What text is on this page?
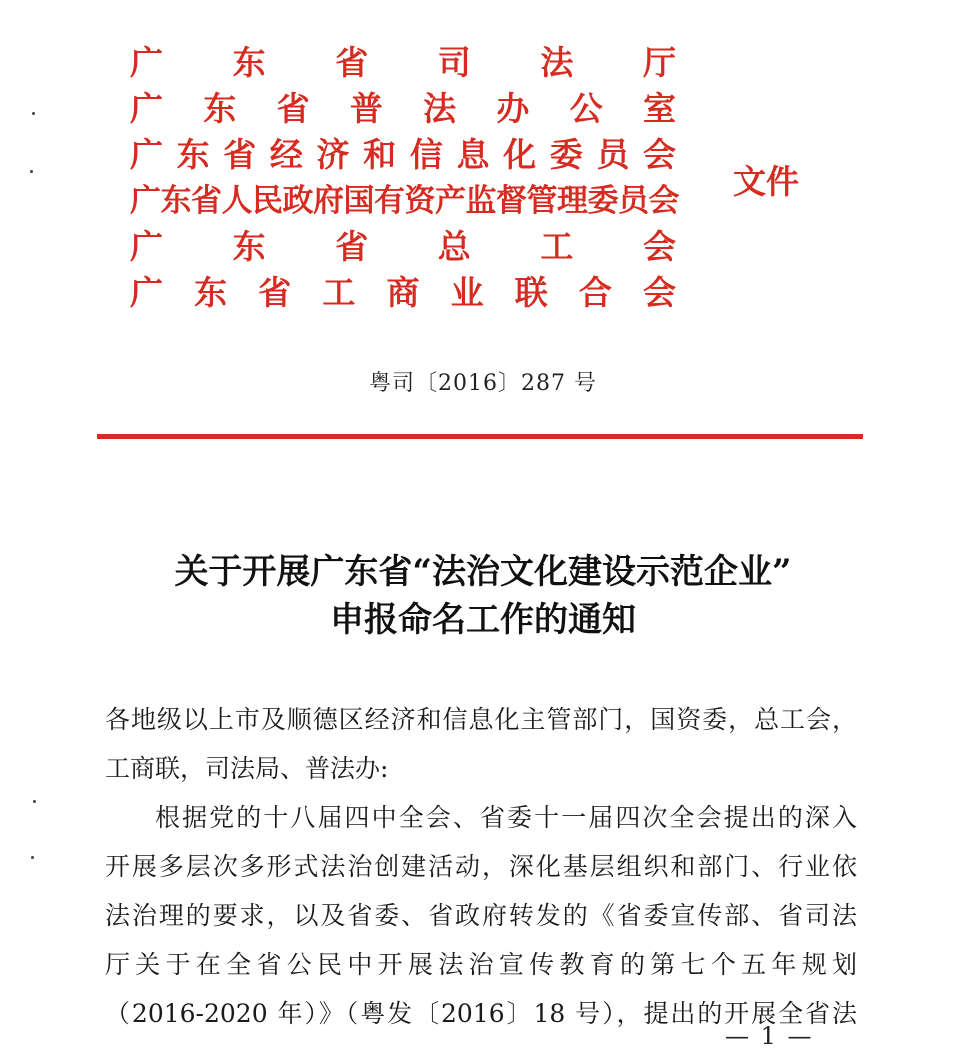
广　东　省　司　法　厅
广东省普法办公室
广东省经济和信息化委员会
广东省人民政府国有资产监督管理委员会
广　东　省　总　工　会
广东省工商业联合会
文件
粤司〔2016〕287 号
关于开展广东省“法治文化建设示范企业”
申报命名工作的通知
各地级以上市及顺德区经济和信息化主管部门，国资委，总工会，
工商联，司法局、普法办:
根据党的十八届四中全会、省委十一届四次全会提出的深入
开展多层次多形式法治创建活动，深化基层组织和部门、行业依
法治理的要求，以及省委、省政府转发的《省委宣传部、省司法
厅关于在全省公民中开展法治宣传教育的第七个五年规划
（2016-2020 年）》（粤发〔2016〕18 号），提出的开展全省法
— 1 —
